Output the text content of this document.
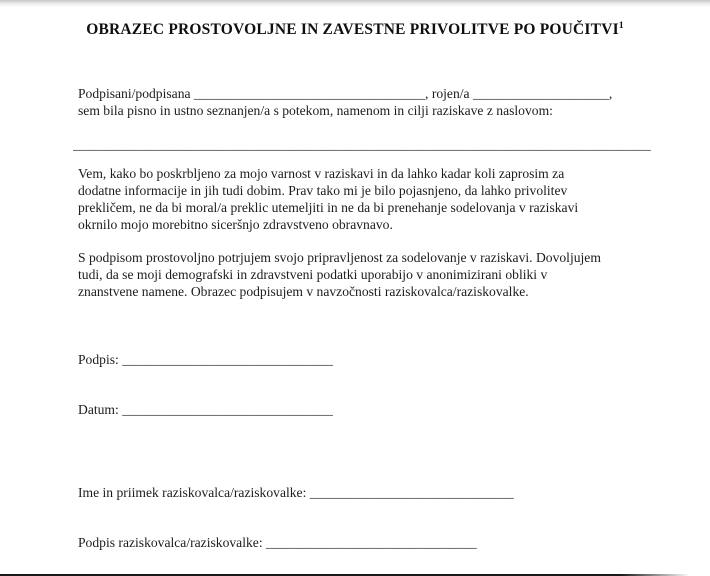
OBRAZEC PROSTOVOLJNE IN ZAVESTNE PRIVOLITVE PO POUČITVI$^1$
Podpisani/podpisana __________________________________, rojen/a ____________________,
sem bila pisno in ustno seznanjen/a s potekom, namenom in cilji raziskave z naslovom:
_____________________________________________________________________________________
Vem, kako bo poskrbljeno za mojo varnost v raziskavi in da lahko kadar koli zaprosim za
dodatne informacije in jih tudi dobim. Prav tako mi je bilo pojasnjeno, da lahko privolitev
prekličem, ne da bi moral/a preklic utemeljiti in ne da bi prenehanje sodelovanja v raziskavi
okrnilo mojo morebitno siceršnjo zdravstveno obravnavo.
S podpisom prostovoljno potrjujem svojo pripravljenost za sodelovanje v raziskavi. Dovoljujem
tudi, da se moji demografski in zdravstveni podatki uporabijo v anonimizirani obliki v
znanstvene namene. Obrazec podpisujem v navzočnosti raziskovalca/raziskovalke.
Podpis: _______________________________
Datum: _______________________________
Ime in priimek raziskovalca/raziskovalke: ______________________________
Podpis raziskovalca/raziskovalke: _______________________________
